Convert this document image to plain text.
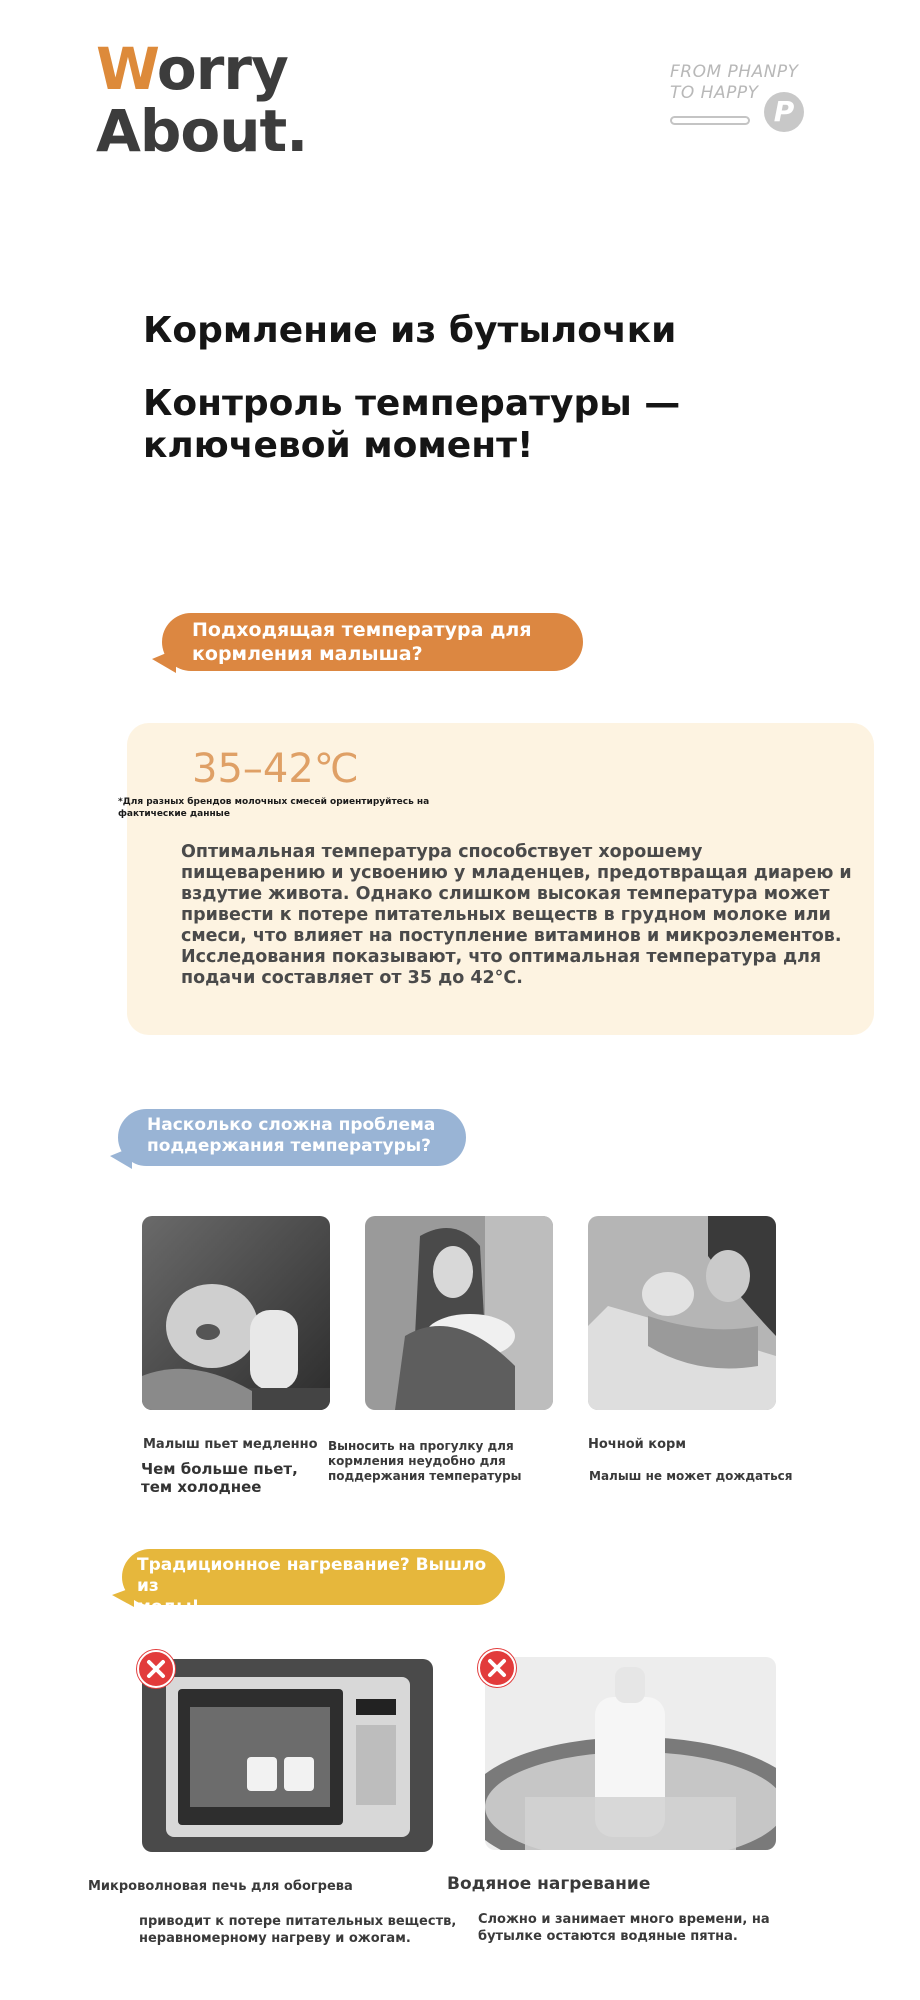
Worry
About.
FROM PHANPY
TO HAPPY
P
Кормление из бутылочки
Контроль температуры —
ключевой момент!
Подходящая температура для
кормления малыша?
35–42℃
*Для разных брендов молочных смесей ориентируйтесь на
фактические данные
Оптимальная температура способствует хорошему
пищеварению и усвоению у младенцев, предотвращая диарею и
вздутие живота. Однако слишком высокая температура может
привести к потере питательных веществ в грудном молоке или
смеси, что влияет на поступление витаминов и микроэлементов.
Исследования показывают, что оптимальная температура для
подачи составляет от 35 до 42°C.
Насколько сложна проблема
поддержания температуры?
Малыш пьет медленно
Чем больше пьет,
тем холоднее
Выносить на прогулку для
кормления неудобно для
поддержания температуры
Ночной корм
Малыш не может дождаться
Традиционное нагревание? Вышло из
моды!
Микроволновая печь для обогрева
приводит к потере питательных веществ,
неравномерному нагреву и ожогам.
Водяное нагревание
Сложно и занимает много времени, на
бутылке остаются водяные пятна.
